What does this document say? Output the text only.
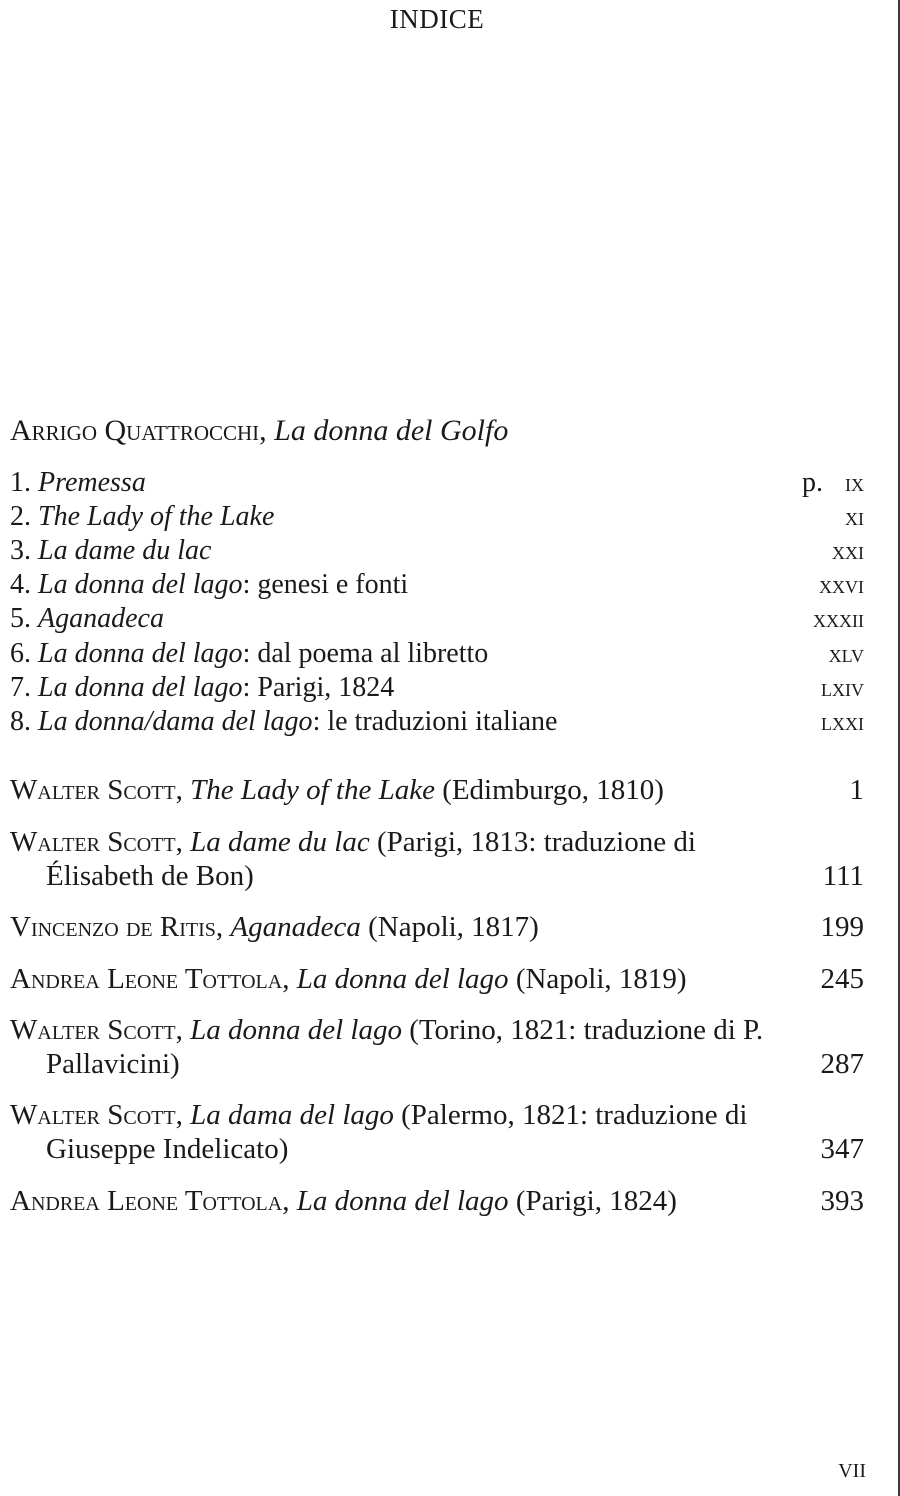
INDICE
Arrigo Quattrocchi, La donna del Golfo
1. Premessa	p. ix
2. The Lady of the Lake	xi
3. La dame du lac	xxi
4. La donna del lago: genesi e fonti	xxvi
5. Aganadeca	xxxii
6. La donna del lago: dal poema al libretto	xlv
7. La donna del lago: Parigi, 1824	lxiv
8. La donna/dama del lago: le traduzioni italiane	lxxi
Walter Scott, The Lady of the Lake (Edimburgo, 1810)	1
Walter Scott, La dame du lac (Parigi, 1813: traduzione di Élisabeth de Bon)	111
Vincenzo de Ritis, Aganadeca (Napoli, 1817)	199
Andrea Leone Tottola, La donna del lago (Napoli, 1819)	245
Walter Scott, La donna del lago (Torino, 1821: traduzione di P. Pallavicini)	287
Walter Scott, La dama del lago (Palermo, 1821: traduzione di Giuseppe Indelicato)	347
Andrea Leone Tottola, La donna del lago (Parigi, 1824)	393
VII
